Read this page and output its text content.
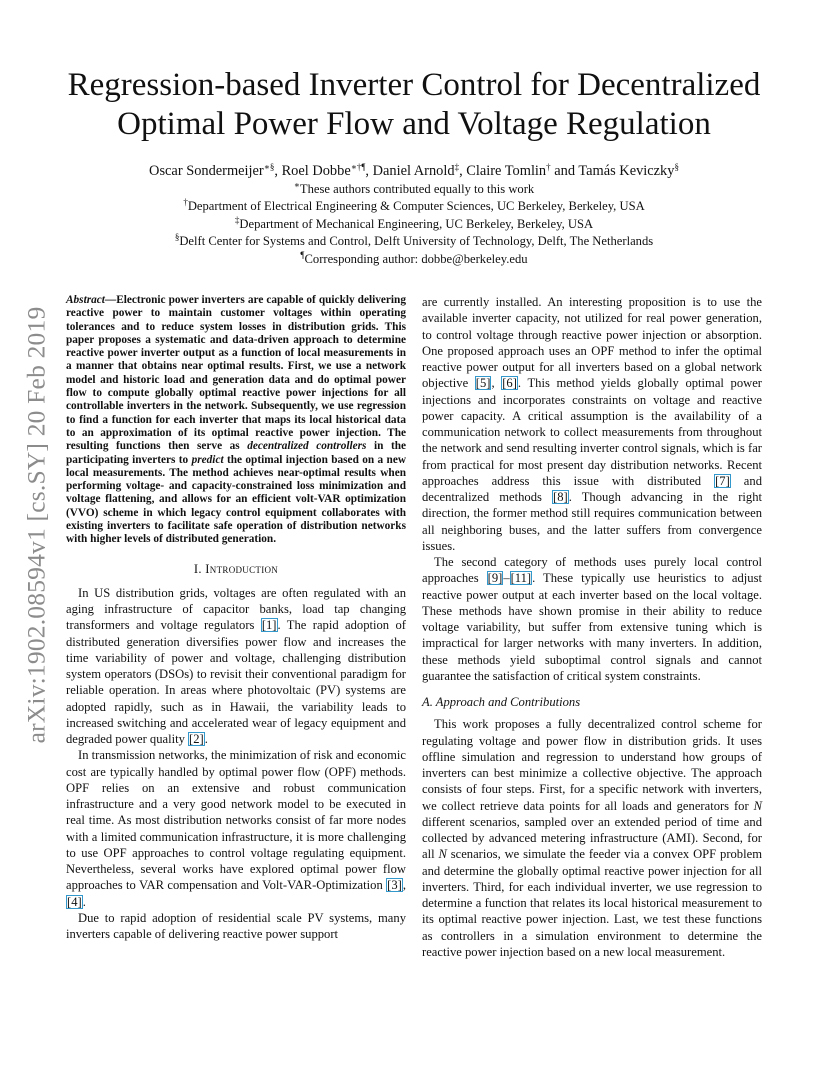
arXiv:1902.08594v1 [cs.SY] 20 Feb 2019
Regression-based Inverter Control for Decentralized
Optimal Power Flow and Voltage Regulation
Oscar Sondermeijer∗§, Roel Dobbe∗†¶, Daniel Arnold‡, Claire Tomlin† and Tamás Keviczky§
∗These authors contributed equally to this work
†Department of Electrical Engineering & Computer Sciences, UC Berkeley, Berkeley, USA
‡Department of Mechanical Engineering, UC Berkeley, Berkeley, USA
§Delft Center for Systems and Control, Delft University of Technology, Delft, The Netherlands
¶Corresponding author: dobbe@berkeley.edu

Abstract—Electronic power inverters are capable of quickly delivering reactive power to maintain customer voltages within operating tolerances and to reduce system losses in distribution grids. This paper proposes a systematic and data-driven approach to determine reactive power inverter output as a function of local measurements in a manner that obtains near optimal results. First, we use a network model and historic load and generation data and do optimal power flow to compute globally optimal reactive power injections for all controllable inverters in the network. Subsequently, we use regression to find a function for each inverter that maps its local historical data to an approximation of its optimal reactive power injection. The resulting functions then serve as decentralized controllers in the participating inverters to predict the optimal injection based on a new local measurements. The method achieves near-optimal results when performing voltage- and capacity-constrained loss minimization and voltage flattening, and allows for an efficient volt-VAR optimization (VVO) scheme in which legacy control equipment collaborates with existing inverters to facilitate safe operation of distribution networks with higher levels of distributed generation.

I. Introduction

In US distribution grids, voltages are often regulated with an aging infrastructure of capacitor banks, load tap changing transformers and voltage regulators [1]. The rapid adoption of distributed generation diversifies power flow and increases the time variability of power and voltage, challenging distribution system operators (DSOs) to revisit their conventional paradigm for reliable operation. In areas where photovoltaic (PV) systems are adopted rapidly, such as in Hawaii, the variability leads to increased switching and accelerated wear of legacy equipment and degraded power quality [2].

In transmission networks, the minimization of risk and economic cost are typically handled by optimal power flow (OPF) methods. OPF relies on an extensive and robust communication infrastructure and a very good network model to be executed in real time. As most distribution networks consist of far more nodes with a limited communication infrastructure, it is more challenging to use OPF approaches to control voltage regulating equipment. Nevertheless, several works have explored optimal power flow approaches to VAR compensation and Volt-VAR-Optimization [3], [4].

Due to rapid adoption of residential scale PV systems, many inverters capable of delivering reactive power support

are currently installed. An interesting proposition is to use the available inverter capacity, not utilized for real power generation, to control voltage through reactive power injection or absorption. One proposed approach uses an OPF method to infer the optimal reactive power output for all inverters based on a global network objective [5], [6]. This method yields globally optimal power injections and incorporates constraints on voltage and reactive power capacity. A critical assumption is the availability of a communication network to collect measurements from throughout the network and send resulting inverter control signals, which is far from practical for most present day distribution networks. Recent approaches address this issue with distributed [7] and decentralized methods [8]. Though advancing in the right direction, the former method still requires communication between all neighboring buses, and the latter suffers from convergence issues.

The second category of methods uses purely local control approaches [9]–[11]. These typically use heuristics to adjust reactive power output at each inverter based on the local voltage. These methods have shown promise in their ability to reduce voltage variability, but suffer from extensive tuning which is impractical for larger networks with many inverters. In addition, these methods yield suboptimal control signals and cannot guarantee the satisfaction of critical system constraints.

A. Approach and Contributions

This work proposes a fully decentralized control scheme for regulating voltage and power flow in distribution grids. It uses offline simulation and regression to understand how groups of inverters can best minimize a collective objective. The approach consists of four steps. First, for a specific network with inverters, we collect retrieve data points for all loads and generators for N different scenarios, sampled over an extended period of time and collected by advanced metering infrastructure (AMI). Second, for all N scenarios, we simulate the feeder via a convex OPF problem and determine the globally optimal reactive power injection for all inverters. Third, for each individual inverter, we use regression to determine a function that relates its local historical measurement to its optimal reactive power injection. Last, we test these functions as controllers in a simulation environment to determine the reactive power injection based on a new local measurement.
